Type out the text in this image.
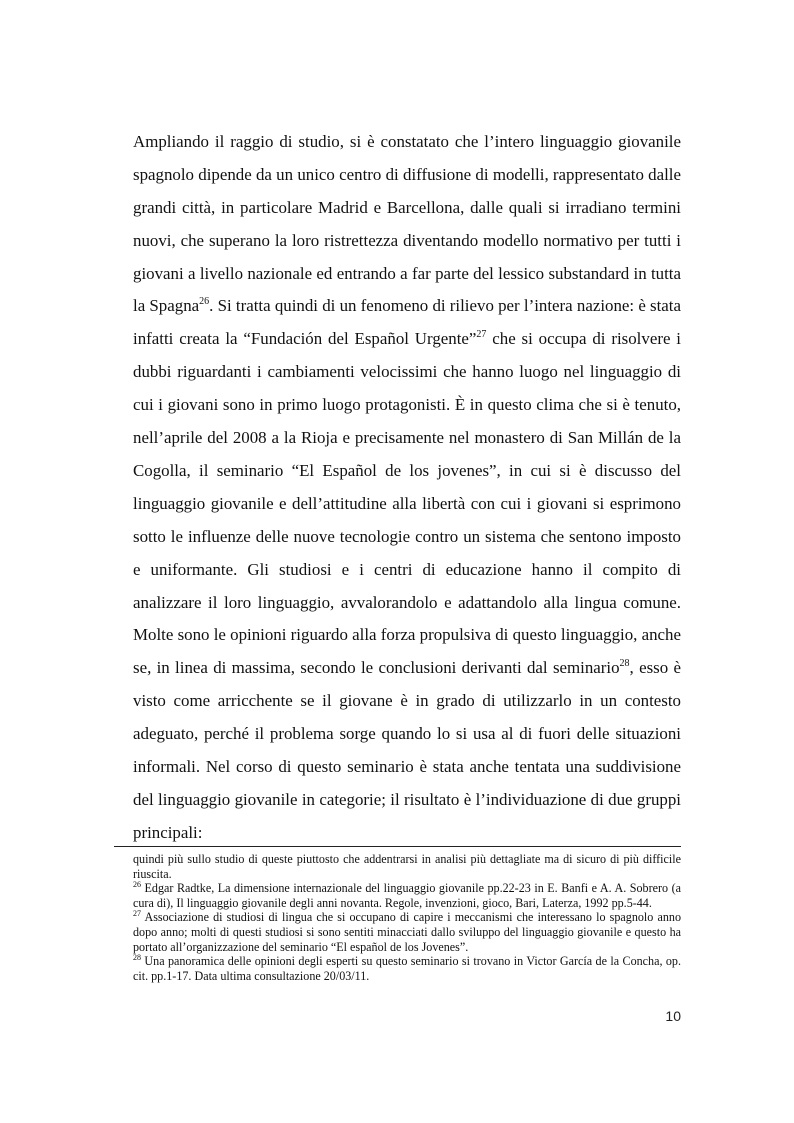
Ampliando il raggio di studio, si è constatato che l’intero linguaggio giovanile spagnolo dipende da un unico centro di diffusione di modelli, rappresentato dalle grandi città, in particolare Madrid e Barcellona, dalle quali si irradiano termini nuovi, che superano la loro ristrettezza diventando modello normativo per tutti i giovani a livello nazionale ed entrando a far parte del lessico substandard in tutta la Spagna$^{26}$. Si tratta quindi di un fenomeno di rilievo per l’intera nazione: è stata infatti creata la “Fundación del Español Urgente”$^{27}$ che si occupa di risolvere i dubbi riguardanti i cambiamenti velocissimi che hanno luogo nel linguaggio di cui i giovani sono in primo luogo protagonisti. È in questo clima che si è tenuto, nell’aprile del 2008 a la Rioja e precisamente nel monastero di San Millán de la Cogolla, il seminario “El Español de los jovenes”, in cui si è discusso del linguaggio giovanile e dell’attitudine alla libertà con cui i giovani si esprimono sotto le influenze delle nuove tecnologie contro un sistema che sentono imposto e uniformante. Gli studiosi e i centri di educazione hanno il compito di analizzare il loro linguaggio, avvalorandolo e adattandolo alla lingua comune. Molte sono le opinioni riguardo alla forza propulsiva di questo linguaggio, anche se, in linea di massima, secondo le conclusioni derivanti dal seminario$^{28}$, esso è visto come arricchente se il giovane è in grado di utilizzarlo in un contesto adeguato, perché il problema sorge quando lo si usa al di fuori delle situazioni informali. Nel corso di questo seminario è stata anche tentata una suddivisione del linguaggio giovanile in categorie; il risultato è l’individuazione di due gruppi principali:

quindi più sullo studio di queste piuttosto che addentrarsi in analisi più dettagliate ma di sicuro di più difficile riuscita.

$^{26}$ Edgar Radtke, La dimensione internazionale del linguaggio giovanile pp.22-23 in E. Banfi e A. A. Sobrero (a cura di), Il linguaggio giovanile degli anni novanta. Regole, invenzioni, gioco, Bari, Laterza, 1992 pp.5-44.

$^{27}$ Associazione di studiosi di lingua che si occupano di capire i meccanismi che interessano lo spagnolo anno dopo anno; molti di questi studiosi si sono sentiti minacciati dallo sviluppo del linguaggio giovanile e questo ha portato all’organizzazione del seminario “El español de los Jovenes”.

$^{28}$ Una panoramica delle opinioni degli esperti su questo seminario si trovano in Victor García de la Concha, op. cit. pp.1-17. Data ultima consultazione 20/03/11.

10
